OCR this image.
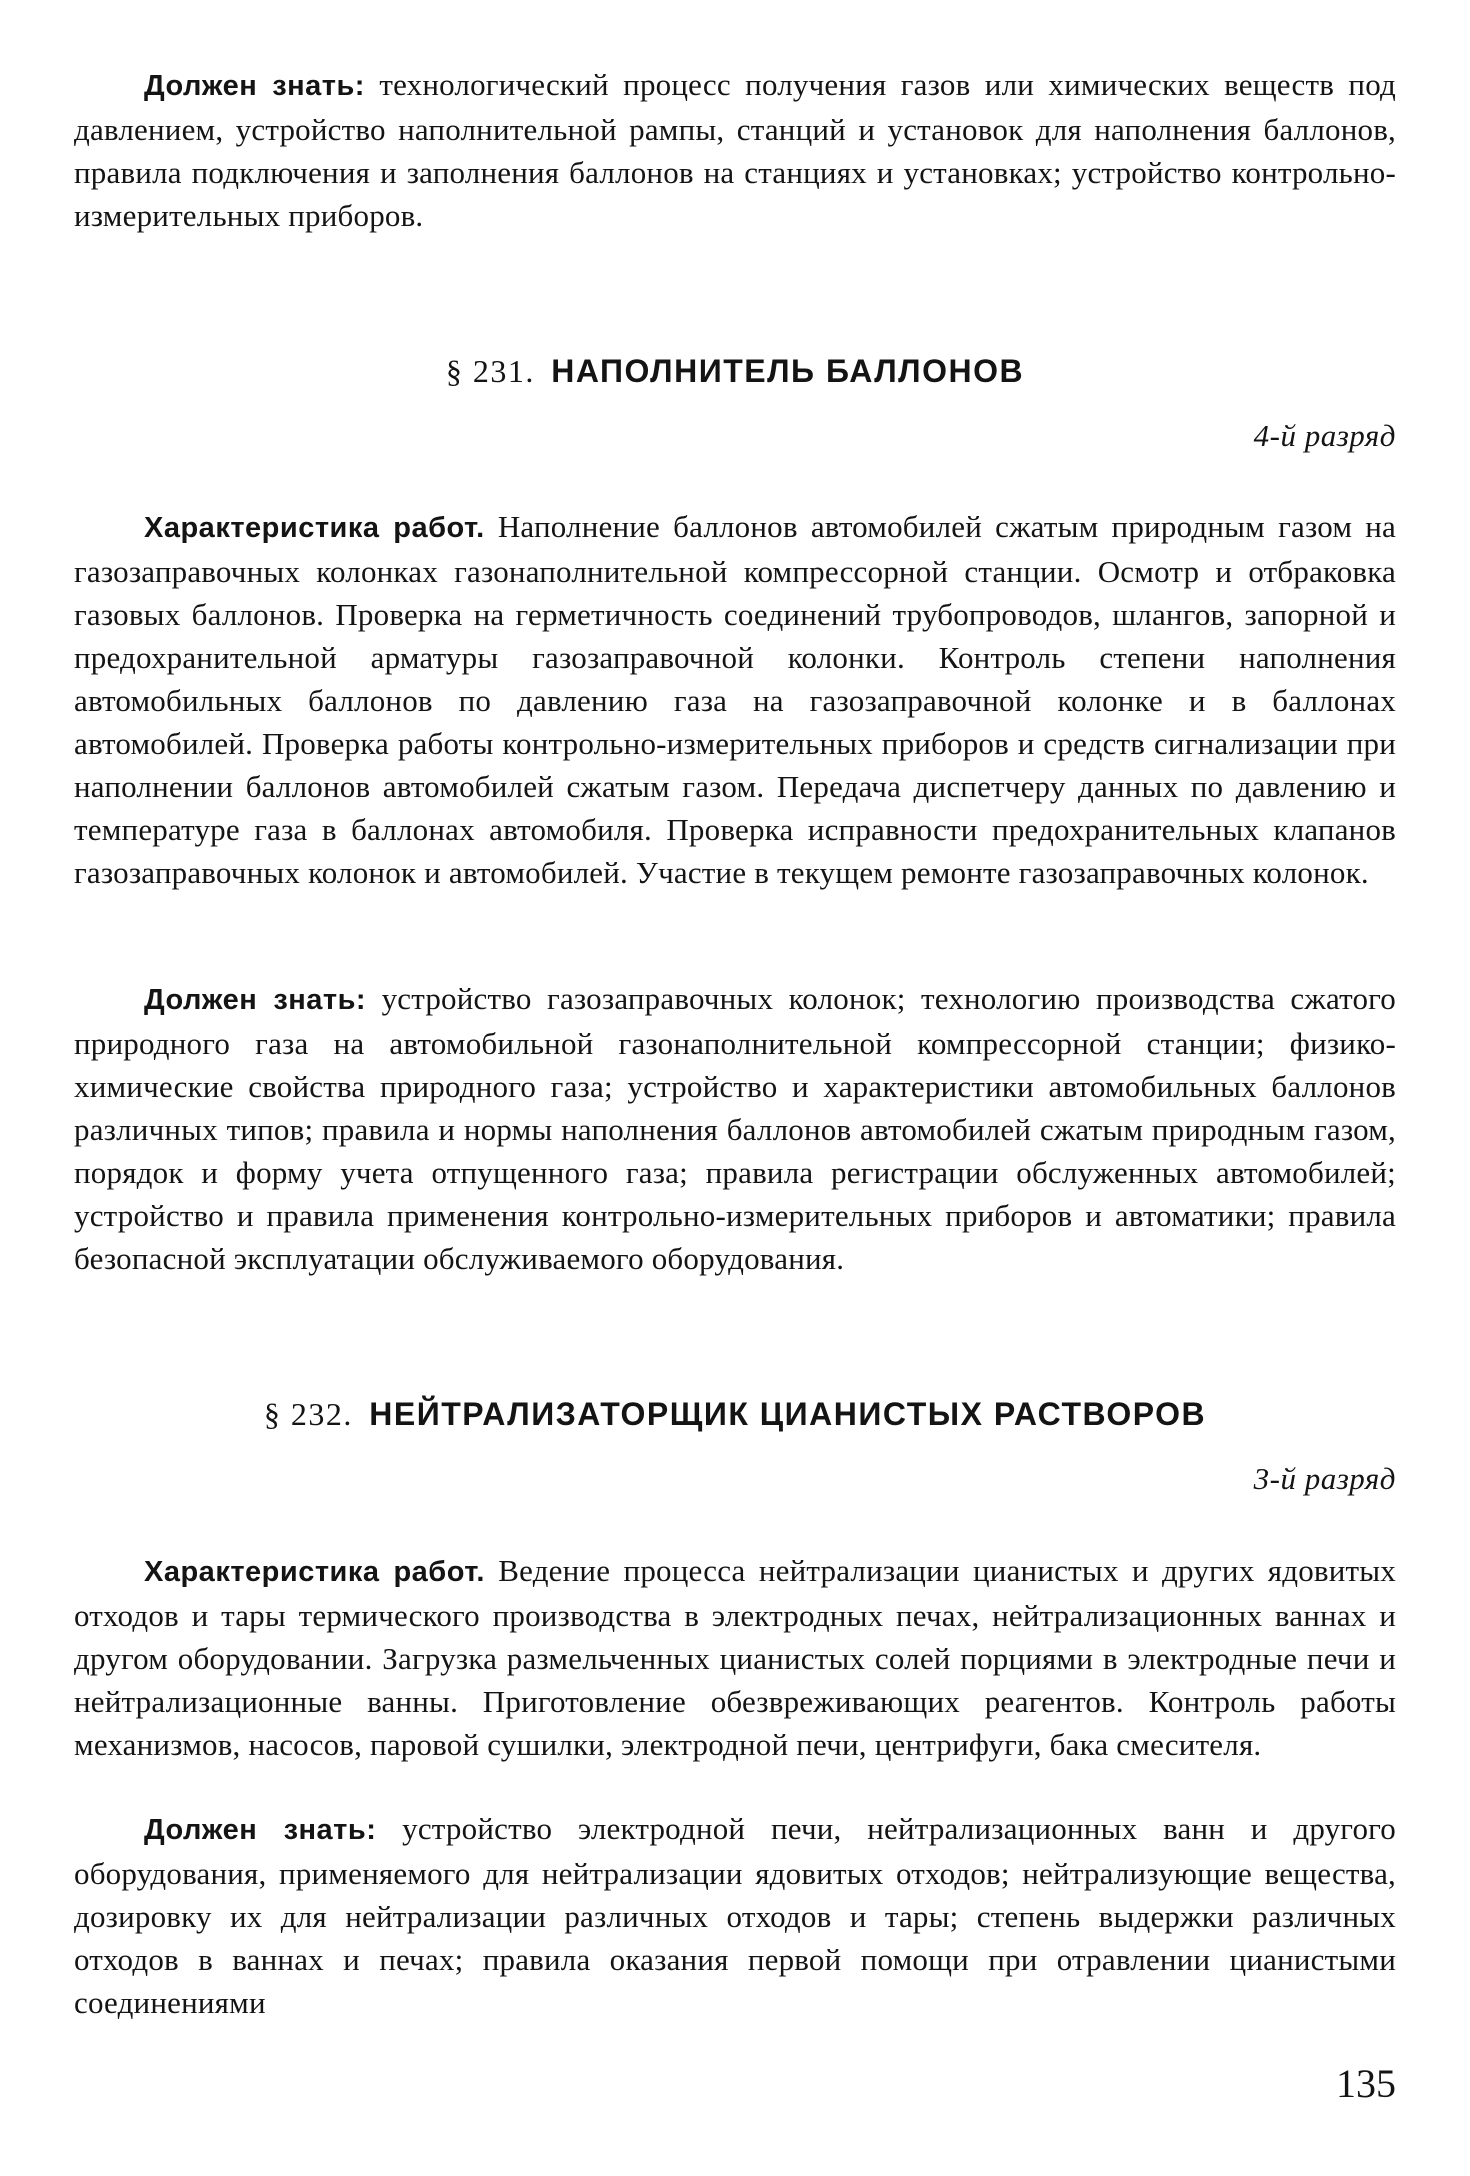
Должен знать: технологический процесс получения газов или химических веществ под давлением, устройство наполнительной рампы, станций и установок для наполнения баллонов, правила подключения и заполнения баллонов на станциях и установках; устройство контрольно-измерительных приборов.

§ 231. НАПОЛНИТЕЛЬ БАЛЛОНОВ

4-й разряд

Характеристика работ. Наполнение баллонов автомобилей сжатым природным газом на газозаправочных колонках газонаполнительной компрессорной станции. Осмотр и отбраковка газовых баллонов. Проверка на герметичность соединений трубопроводов, шлангов, запорной и предохранительной арматуры газозаправочной колонки. Контроль степени наполнения автомобильных баллонов по давлению газа на газозаправочной колонке и в баллонах автомобилей. Проверка работы контрольно-измерительных приборов и средств сигнализации при наполнении баллонов автомобилей сжатым газом. Передача диспетчеру данных по давлению и температуре газа в баллонах автомобиля. Проверка исправности предохранительных клапанов газозаправочных колонок и автомобилей. Участие в текущем ремонте газозаправочных колонок.

Должен знать: устройство газозаправочных колонок; технологию производства сжатого природного газа на автомобильной газонаполнительной компрессорной станции; физико-химические свойства природного газа; устройство и характеристики автомобильных баллонов различных типов; правила и нормы наполнения баллонов автомобилей сжатым природным газом, порядок и форму учета отпущенного газа; правила регистрации обслуженных автомобилей; устройство и правила применения контрольно-измерительных приборов и автоматики; правила безопасной эксплуатации обслуживаемого оборудования.

§ 232. НЕЙТРАЛИЗАТОРЩИК ЦИАНИСТЫХ РАСТВОРОВ

3-й разряд

Характеристика работ. Ведение процесса нейтрализации цианистых и других ядовитых отходов и тары термического производства в электродных печах, нейтрализационных ваннах и другом оборудовании. Загрузка размельченных цианистых солей порциями в электродные печи и нейтрализационные ванны. Приготовление обезвреживающих реагентов. Контроль работы механизмов, насосов, паровой сушилки, электродной печи, центрифуги, бака смесителя.

Должен знать: устройство электродной печи, нейтрализационных ванн и другого оборудования, применяемого для нейтрализации ядовитых отходов; нейтрализующие вещества, дозировку их для нейтрализации различных отходов и тары; степень выдержки различных отходов в ваннах и печах; правила оказания первой помощи при отравлении цианистыми соединениями

135
